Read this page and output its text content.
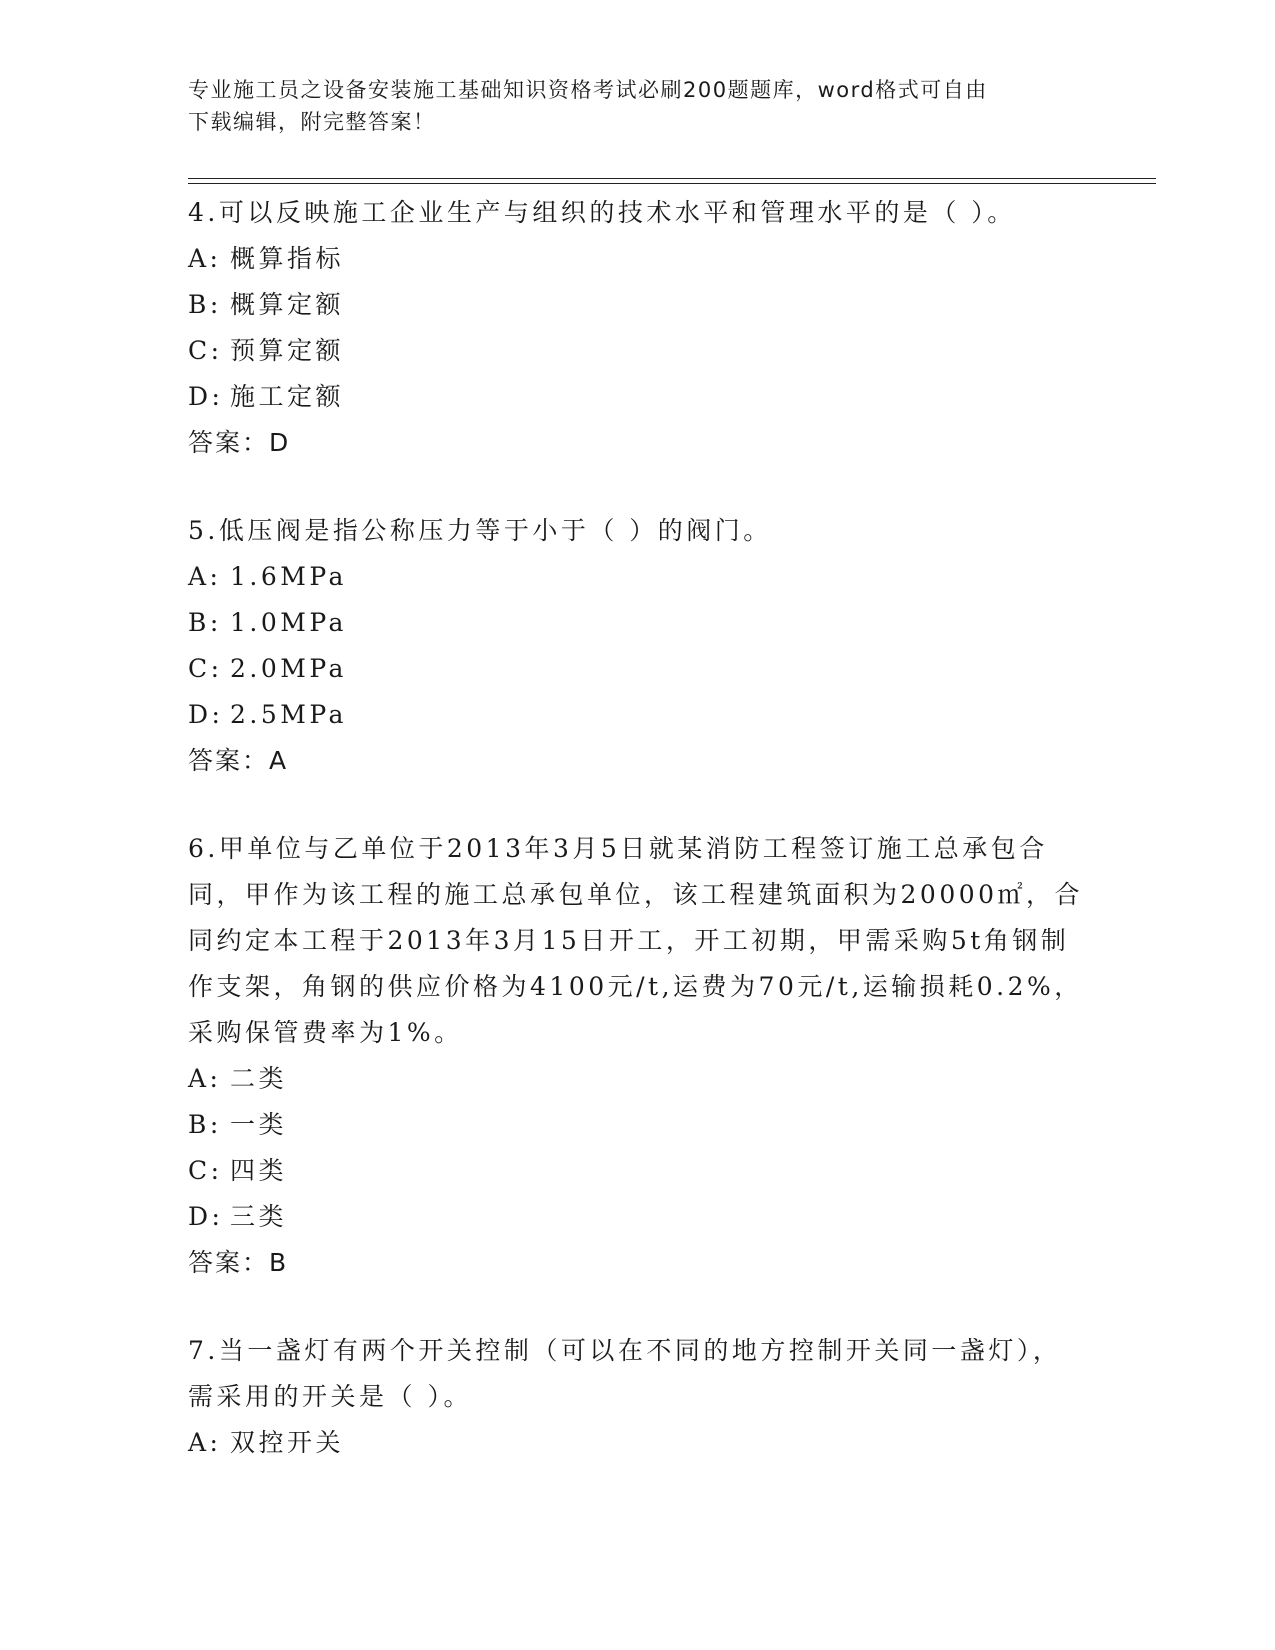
专业施工员之设备安装施工基础知识资格考试必刷200题题库，word格式可自由
下载编辑，附完整答案！

4.可以反映施工企业生产与组织的技术水平和管理水平的是（ ）。

A: 概算指标

B: 概算定额

C: 预算定额

D: 施工定额

答案：D

5.低压阀是指公称压力等于小于（ ）的阀门。

A: 1.6MPa

B: 1.0MPa

C: 2.0MPa

D: 2.5MPa

答案：A

6.甲单位与乙单位于2013年3月5日就某消防工程签订施工总承包合同，甲作为该工程的施工总承包单位，该工程建筑面积为20000㎡，合同约定本工程于2013年3月15日开工，开工初期，甲需采购5t角钢制作支架，角钢的供应价格为4100元/t,运费为70元/t,运输损耗0.2%，采购保管费率为1%。

A: 二类

B: 一类

C: 四类

D: 三类

答案：B

7.当一盏灯有两个开关控制（可以在不同的地方控制开关同一盏灯），需采用的开关是（ ）。

A: 双控开关
